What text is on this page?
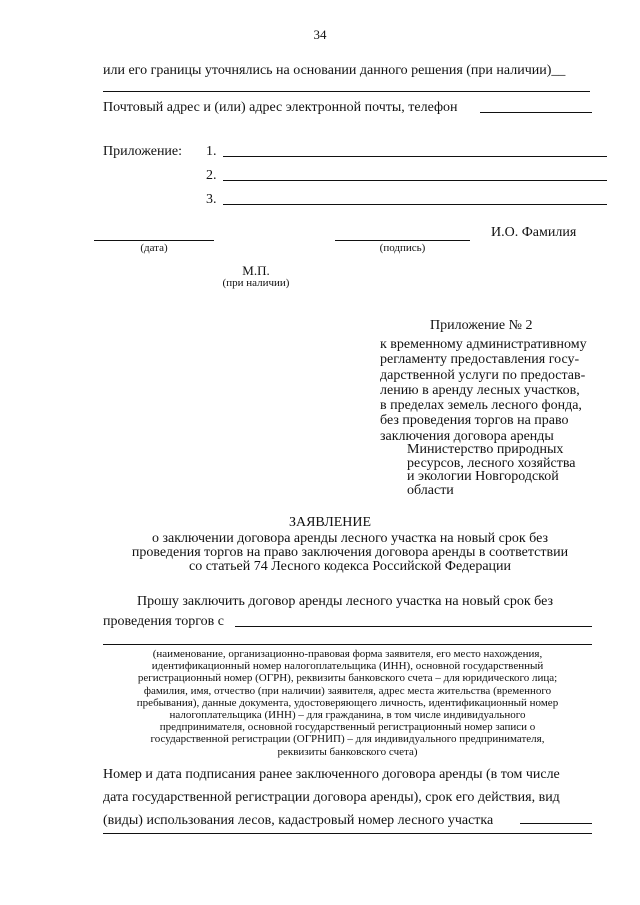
34
или его границы уточнялись на основании данного решения (при наличии)__
Почтовый адрес и (или) адрес электронной почты, телефон
Приложение: 1.
2.
3.
(дата)	(подпись)
И.О. Фамилия
М.П.
(при наличии)
Приложение № 2
к временному административному
регламенту предоставления госу-
дарственной услуги по предостав-
лению в аренду лесных участков,
в пределах земель лесного фонда,
без проведения торгов на право
заключения договора аренды
Министерство природных
ресурсов, лесного хозяйства
и экологии Новгородской
области
ЗАЯВЛЕНИЕ
о заключении договора аренды лесного участка на новый срок без
проведения торгов на право заключения договора аренды в соответствии
со статьей 74 Лесного кодекса Российской Федерации
Прошу заключить договор аренды лесного участка на новый срок без
проведения торгов с
(наименование, организационно-правовая форма заявителя, его место нахождения,
идентификационный номер налогоплательщика (ИНН), основной государственный
регистрационный номер (ОГРН), реквизиты банковского счета – для юридического лица;
фамилия, имя, отчество (при наличии) заявителя, адрес места жительства (временного
пребывания), данные документа, удостоверяющего личность, идентификационный номер
налогоплательщика (ИНН) – для гражданина, в том числе индивидуального
предпринимателя, основной государственный регистрационный номер записи о
государственной регистрации (ОГРНИП) – для индивидуального предпринимателя,
реквизиты банковского счета)
Номер и дата подписания ранее заключенного договора аренды (в том числе
дата государственной регистрации договора аренды), срок его действия, вид
(виды) использования лесов, кадастровый номер лесного участка
